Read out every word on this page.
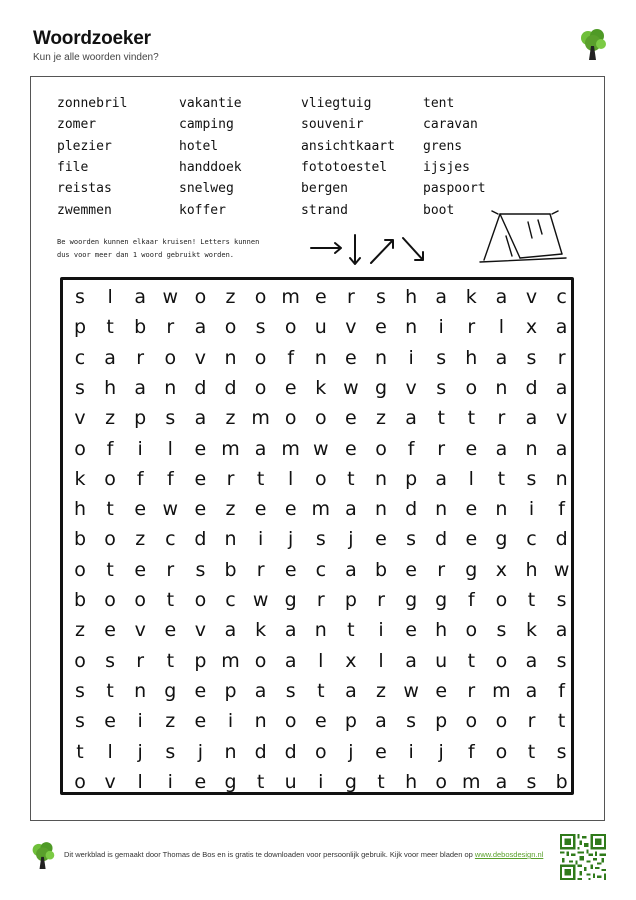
Woordzoeker
Kun je alle woorden vinden?
zonnebril	vakantie	vliegtuig	tent
zomer	camping	souvenir	caravan
plezier	hotel	ansichtkaart grens
file	handdoek	fototoestel	ijsjes
reistas	snelweg	bergen	paspoort
zwemmen	koffer	strand	boot
Be woorden kunnen elkaar kruisen! Letters kunnen
dus voor meer dan 1 woord gebruikt worden.
s	l	a w o	z	o m e	r	s	h a k a v	c
p	t	b	r	a o	s	o u v e n	i	r	l	x a
c	a	r	o v n o	f	n e n	i	s	h a	s	r
s	h a n d d o e k w g v	s	o n d a
v	z	p	s	a	z m o o e	z	a	t	t	r	a v
o	f	i	l	e m a m w e o	f	r	e a n a
k o	f	f	e	r	t	l	o	t	n p a	l	t	s	n
h	t	e w e	z	e e m a n d n e n	i	f
b o	z	c d n	i	j	s	j	e	s	d e g c d
o	t	e	r	s	b	r	e	c	a b e	r	g x h w
b o o	t	o	c w g	r	p	r	g g	f	o	t	s
z	e v e v a k a n	t	i	e h o	s	k a
o	s	r	t	p m o a	l	x	l	a u	t	o a	s
s	t	n g e p a	s	t	a	z w e	r m a	f
s	e	i	z	e	i	n o e p a	s	p o o	r	t
t	l	j	s	j	n d d o	j	e	i	j	f	o	t	s
o v	l	i	e g	t	u	i	g	t	h o m a	s	b
Dit werkblad is gemaakt door Thomas de Bos en is gratis te downloaden voor persoonlijk gebruik. Kijk voor meer bladen op www.debosdesign.nl
